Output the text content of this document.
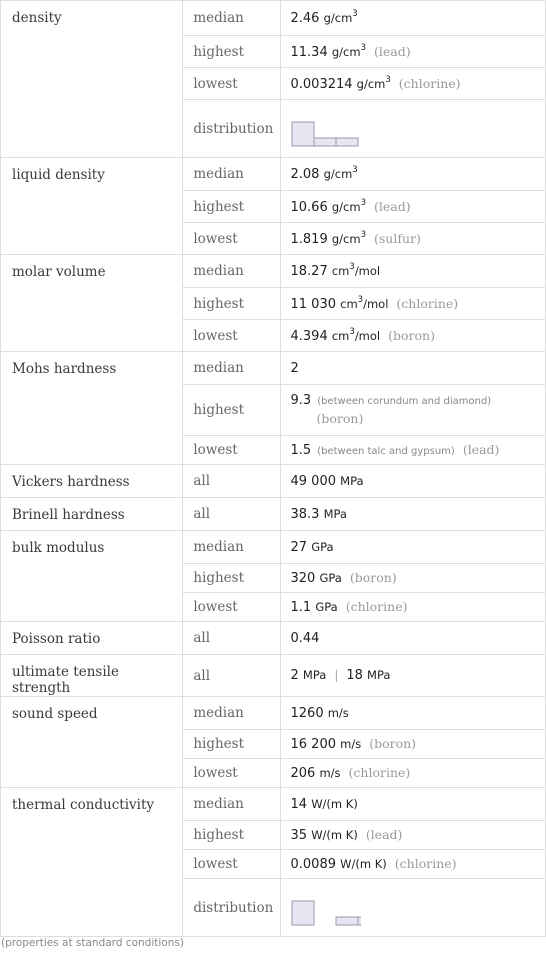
density	median	2.46 $g/cm^3$
	highest	11.34 $g/cm^3$ (lead)
	lowest	0.003214 $g/cm^3$ (chlorine)
	distribution	

liquid density	median	2.08 $g/cm^3$
	highest	10.66 $g/cm^3$ (lead)
	lowest	1.819 $g/cm^3$ (sulfur)
molar volume	median	18.27 $cm^3$/mol
	highest	11 030 $cm^3$/mol (chlorine)
	lowest	4.394 $cm^3$/mol (boron)
Mohs hardness	median	2
	highest	9.3 (between corundum and diamond)
(boron)
	lowest	1.5 (between talc and gypsum) (lead)
Vickers hardness	all	49 000 MPa
Brinell hardness	all	38.3 MPa
bulk modulus	median	27 GPa
	highest	320 GPa (boron)
	lowest	1.1 GPa (chlorine)
Poisson ratio	all	0.44
ultimate tensile strength	all	2 MPa | 18 MPa
sound speed	median	1260 m/s
	highest	16 200 m/s (boron)
	lowest	206 m/s (chlorine)
thermal conductivity	median	14 W/(m K)
	highest	35 W/(m K) (lead)
	lowest	0.0089 W/(m K) (chlorine)
	distribution	
(properties at standard conditions)
